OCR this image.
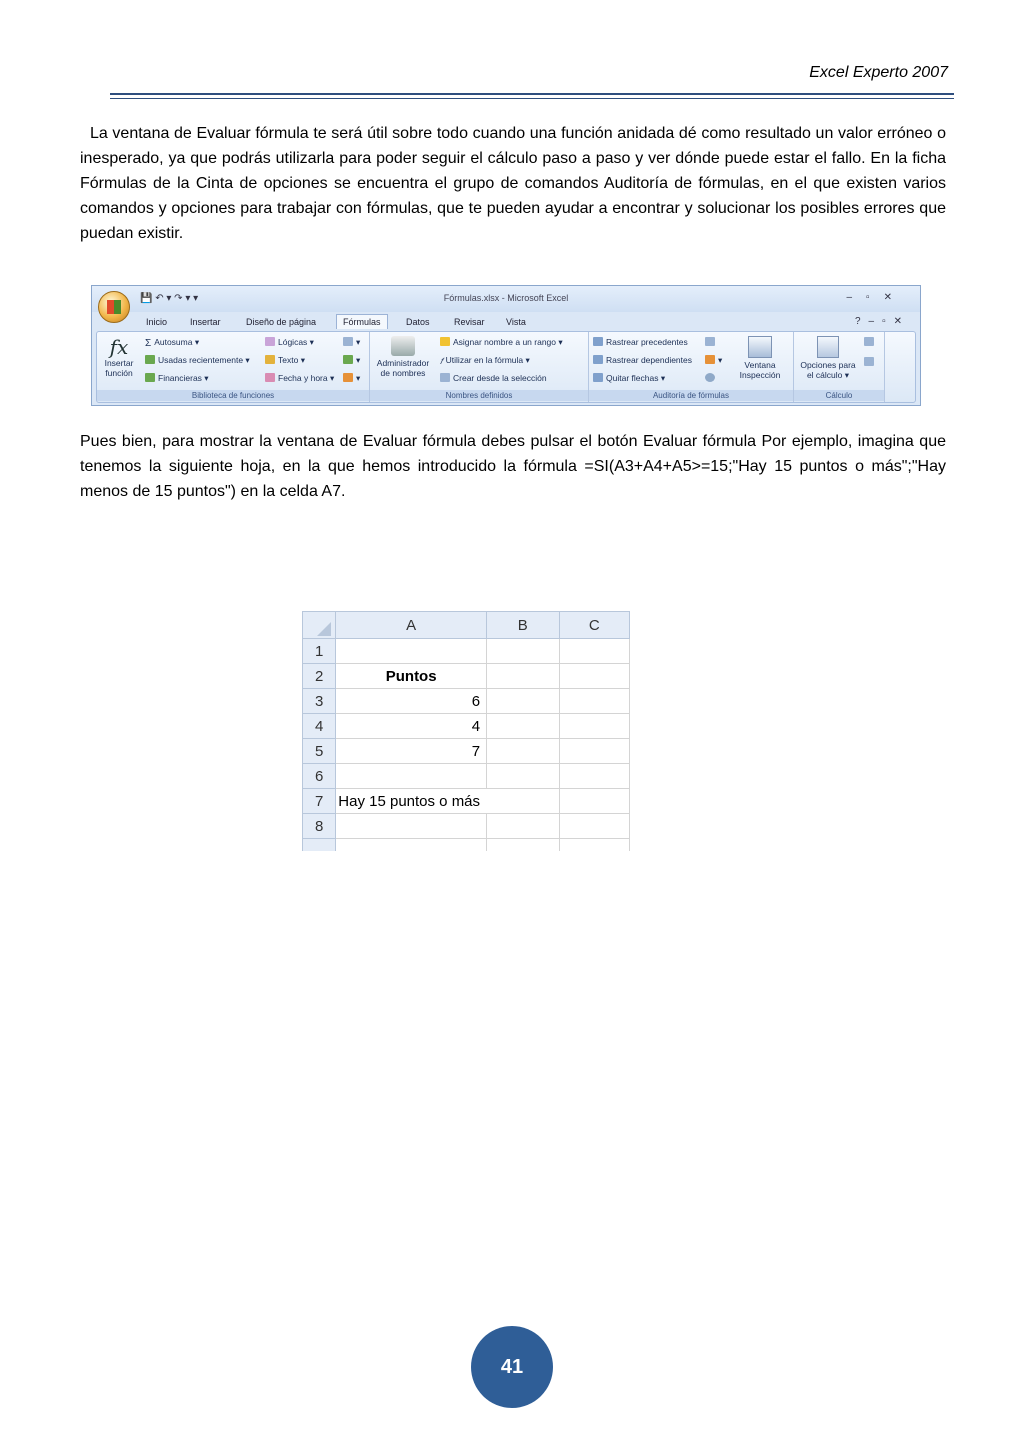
Excel Experto 2007

La ventana de Evaluar fórmula te será útil sobre todo cuando una función anidada dé como resultado un valor erróneo o inesperado, ya que podrás utilizarla para poder seguir el cálculo paso a paso y ver dónde puede estar el fallo. En la ficha Fórmulas de la Cinta de opciones se encuentra el grupo de comandos Auditoría de fórmulas, en el que existen varios comandos y opciones para trabajar con fórmulas, que te pueden ayudar a encontrar y solucionar los posibles errores que puedan existir.

💾 ↶ ▾ ↷ ▾ ▾	Fórmulas.xlsx - Microsoft Excel	–▫✕
Inicio	Insertar	Diseño de página	Fórmulas	Datos	Revisar Vista	?–▫✕
fx
Insertar función
Σ Autosuma ▾
Usadas recientemente ▾
Financieras ▾
Lógicas ▾
Texto ▾
Fecha y hora ▾
▾
▾
▾
Biblioteca de funciones
Administrador de nombres
Asignar nombre a un rango ▾
𝑓 Utilizar en la fórmula ▾
Crear desde la selección
Nombres definidos
Rastrear precedentes
Rastrear dependientes
Quitar flechas ▾
▾	Ventana Inspección
Auditoría de fórmulas
Opciones para el cálculo ▾
Cálculo

Pues bien, para mostrar la ventana de Evaluar fórmula debes pulsar el botón Evaluar fórmula Por ejemplo, imagina que tenemos la siguiente hoja, en la que hemos introducido la fórmula =SI(A3+A4+A5>=15;"Hay 15 puntos o más";"Hay menos de 15 puntos") en la celda A7.

	A	B	C
1			
2	Puntos		
3	6		
4	4		
5	7		
6			
7	Hay 15 puntos o más		
8			

41
